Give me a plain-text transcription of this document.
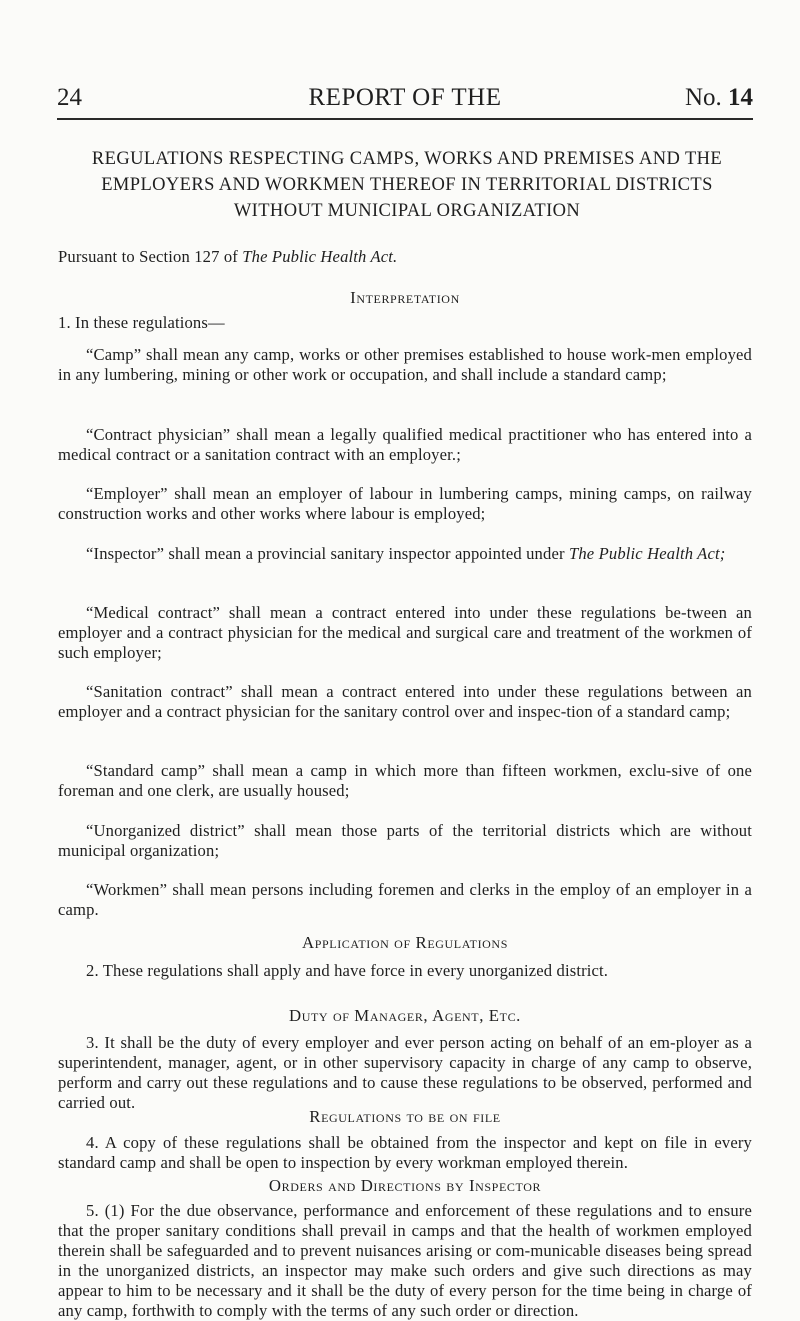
24	REPORT OF THE	No. 14
REGULATIONS RESPECTING CAMPS, WORKS AND PREMISES AND THE
EMPLOYERS AND WORKMEN THEREOF IN TERRITORIAL DISTRICTS
WITHOUT MUNICIPAL ORGANIZATION
Pursuant to Section 127 of The Public Health Act.
Interpretation
1. In these regulations—
“Camp” shall mean any camp, works or other premises established to house work-men employed in any lumbering, mining or other work or occupation, and shall include a standard camp;
“Contract physician” shall mean a legally qualified medical practitioner who has entered into a medical contract or a sanitation contract with an employer.;
“Employer” shall mean an employer of labour in lumbering camps, mining camps, on railway construction works and other works where labour is employed;
“Inspector” shall mean a provincial sanitary inspector appointed under The Public Health Act;
“Medical contract” shall mean a contract entered into under these regulations be-tween an employer and a contract physician for the medical and surgical care and treatment of the workmen of such employer;
“Sanitation contract” shall mean a contract entered into under these regulations between an employer and a contract physician for the sanitary control over and inspec-tion of a standard camp;
“Standard camp” shall mean a camp in which more than fifteen workmen, exclu-sive of one foreman and one clerk, are usually housed;
“Unorganized district” shall mean those parts of the territorial districts which are without municipal organization;
“Workmen” shall mean persons including foremen and clerks in the employ of an employer in a camp.
Application of Regulations
2. These regulations shall apply and have force in every unorganized district.
Duty of Manager, Agent, Etc.
3. It shall be the duty of every employer and ever person acting on behalf of an em-ployer as a superintendent, manager, agent, or in other supervisory capacity in charge of any camp to observe, perform and carry out these regulations and to cause these regulations to be observed, performed and carried out.
Regulations to be on file
4. A copy of these regulations shall be obtained from the inspector and kept on file in every standard camp and shall be open to inspection by every workman employed therein.
Orders and Directions by Inspector
5. (1) For the due observance, performance and enforcement of these regulations and to ensure that the proper sanitary conditions shall prevail in camps and that the health of workmen employed therein shall be safeguarded and to prevent nuisances arising or com-municable diseases being spread in the unorganized districts, an inspector may make such orders and give such directions as may appear to him to be necessary and it shall be the duty of every person for the time being in charge of any camp, forthwith to comply with the terms of any such order or direction.
